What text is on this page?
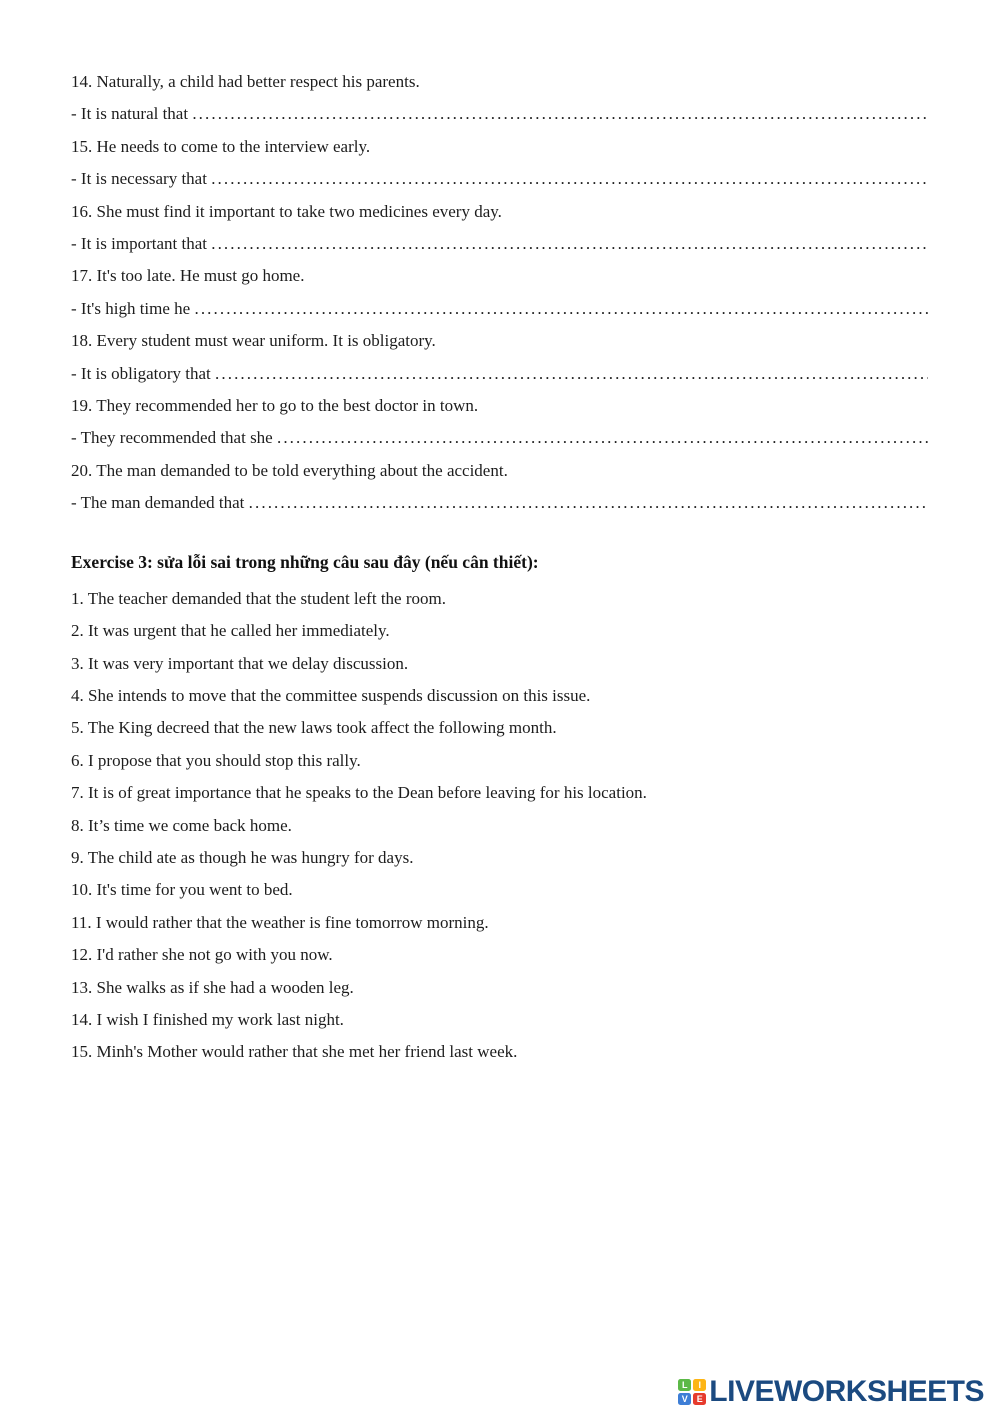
14. Naturally, a child had better respect his parents.
- It is natural that
.....
15. He needs to come to the interview early.
- It is necessary that
.....
16. She must find it important to take two medicines every day.
- It is important that
.....
17. It's too late. He must go home.
- It's high time he
.....
18. Every student must wear uniform. It is obligatory.
- It is obligatory that
.....
19. They recommended her to go to the best doctor in town.
- They recommended that she
.....
20. The man demanded to be told everything about the accident.
- The man demanded that
.....
Exercise 3: sửa lỗi sai trong những câu sau đây (nếu cân thiết):
1. The teacher demanded that the student left the room.
2. It was urgent that he called her immediately.
3. It was very important that we delay discussion.
4. She intends to move that the committee suspends discussion on this issue.
5. The King decreed that the new laws took affect the following month.
6. I propose that you should stop this rally.
7. It is of great importance that he speaks to the Dean before leaving for his location.
8. It’s time we come back home.
9. The child ate as though he was hungry for days.
10. It's time for you went to bed.
11. I would rather that the weather is fine tomorrow morning.
12. I'd rather she not go with you now.
13. She walks as if she had a wooden leg.
14. I wish I finished my work last night.
15. Minh's Mother would rather that she met her friend last week.
L	I
V E LIVEWORKSHEETS
